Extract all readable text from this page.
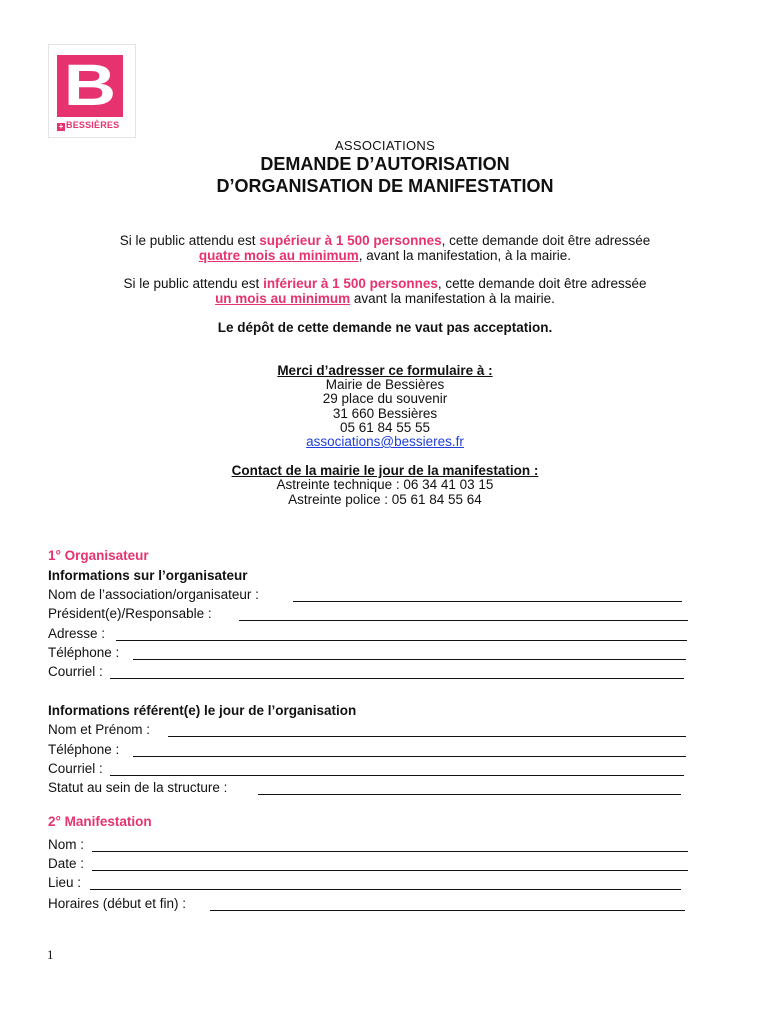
B
+ BESSIÈRES
ASSOCIATIONS
DEMANDE D’AUTORISATION
D’ORGANISATION DE MANIFESTATION
Si le public attendu est supérieur à 1 500 personnes, cette demande doit être adressée
quatre mois au minimum, avant la manifestation, à la mairie.
Si le public attendu est inférieur à 1 500 personnes, cette demande doit être adressée
un mois au minimum avant la manifestation à la mairie.
Le dépôt de cette demande ne vaut pas acceptation.
Merci d’adresser ce formulaire à :
Mairie de Bessières
29 place du souvenir
31 660 Bessières
05 61 84 55 55
associations@bessieres.fr
Contact de la mairie le jour de la manifestation :
Astreinte technique : 06 34 41 03 15
Astreinte police : 05 61 84 55 64
1° Organisateur
Informations sur l’organisateur
Nom de l’association/organisateur :
Président(e)/Responsable :
Adresse :
Téléphone :
Courriel :
Informations référent(e) le jour de l’organisation
Nom et Prénom :
Téléphone :
Courriel :
Statut au sein de la structure :
2° Manifestation
Nom :
Date :
Lieu :
Horaires (début et fin) :
1
